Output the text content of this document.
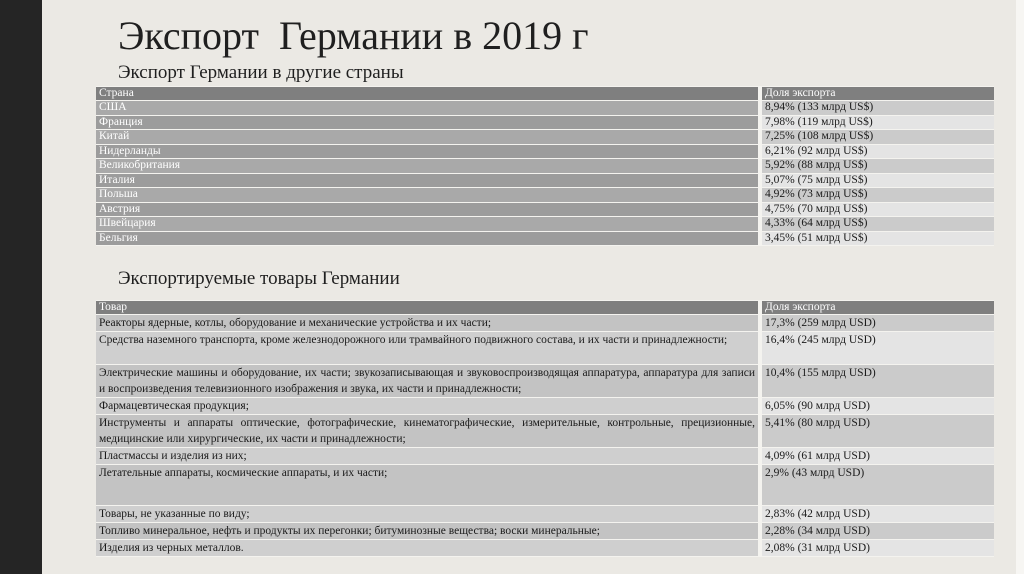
Экспорт  Германии в 2019 г
Экспорт Германии в другие страны
Страна	Доля экспорта
США	8,94% (133 млрд US$)
Франция	7,98% (119 млрд US$)
Китай	7,25% (108 млрд US$)
Нидерланды	6,21% (92 млрд US$)
Великобритания	5,92% (88 млрд US$)
Италия	5,07% (75 млрд US$)
Польша	4,92% (73 млрд US$)
Австрия	4,75% (70 млрд US$)
Швейцария	4,33% (64 млрд US$)
Бельгия	3,45% (51 млрд US$)
Экспортируемые товары Германии
Товар	Доля экспорта
Реакторы ядерные, котлы, оборудование и механические устройства и их части;	17,3% (259 млрд USD)
Средства наземного транспорта, кроме железнодорожного или трамвайного подвижного состава, и их части и принадлежности;	16,4% (245 млрд USD)
Электрические машины и оборудование, их части; звукозаписывающая и звуковоспроизводящая аппаратура, аппаратура для записи и воспроизведения телевизионного изображения и звука, их части и принадлежности;	10,4% (155 млрд USD)
Фармацевтическая продукция;	6,05% (90 млрд USD)
Инструменты и аппараты оптические, фотографические, кинематографические, измерительные, контрольные, прецизионные, медицинские или хирургические, их части и принадлежности;	5,41% (80 млрд USD)
Пластмассы и изделия из них;	4,09% (61 млрд USD)
Летательные аппараты, космические аппараты, и их части;	2,9% (43 млрд USD)
Товары, не указанные по виду;	2,83% (42 млрд USD)
Топливо минеральное, нефть и продукты их перегонки; битуминозные вещества; воски минеральные;	2,28% (34 млрд USD)
Изделия из черных металлов.	2,08% (31 млрд USD)
